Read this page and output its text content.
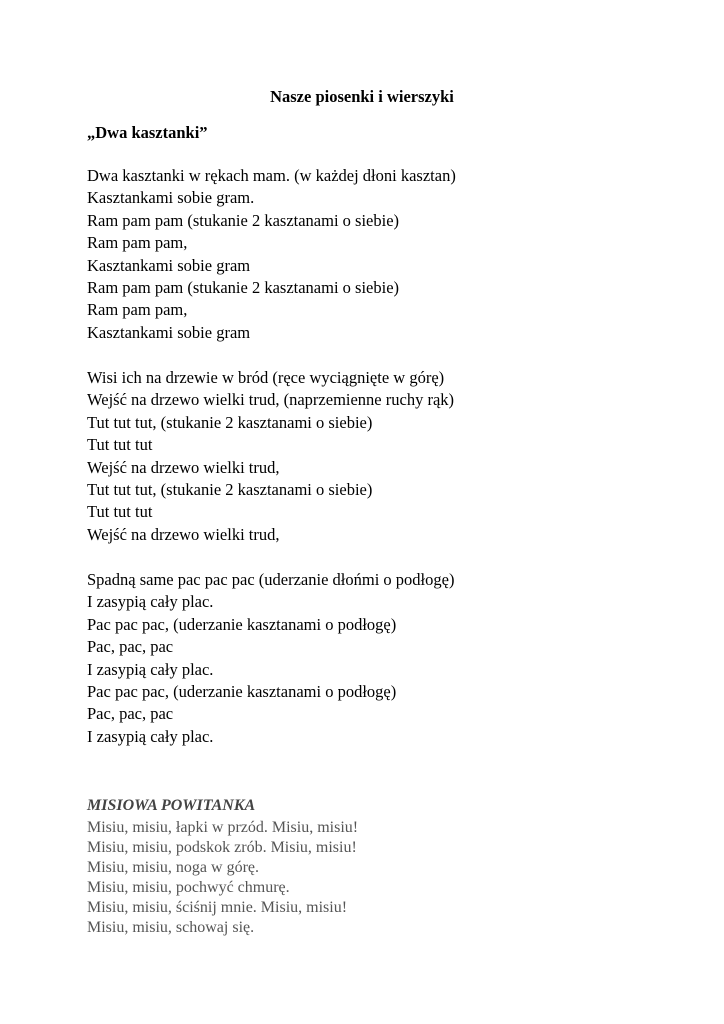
Nasze piosenki i wierszyki
„Dwa kasztanki”
Dwa kasztanki w rękach mam. (w każdej dłoni kasztan)
Kasztankami sobie gram.
Ram pam pam (stukanie 2 kasztanami o siebie)
Ram pam pam,
Kasztankami sobie gram
Ram pam pam (stukanie 2 kasztanami o siebie)
Ram pam pam,
Kasztankami sobie gram
Wisi ich na drzewie w bród (ręce wyciągnięte w górę)
Wejść na drzewo wielki trud, (naprzemienne ruchy rąk)
Tut tut tut, (stukanie 2 kasztanami o siebie)
Tut tut tut
Wejść na drzewo wielki trud,
Tut tut tut, (stukanie 2 kasztanami o siebie)
Tut tut tut
Wejść na drzewo wielki trud,
Spadną same pac pac pac (uderzanie dłońmi o podłogę)
I zasypią cały plac.
Pac pac pac, (uderzanie kasztanami o podłogę)
Pac, pac, pac
I zasypią cały plac.
Pac pac pac, (uderzanie kasztanami o podłogę)
Pac, pac, pac
I zasypią cały plac.
MISIOWA POWITANKA
Misiu, misiu, łapki w przód. Misiu, misiu!
Misiu, misiu, podskok zrób. Misiu, misiu!
Misiu, misiu, noga w górę.
Misiu, misiu, pochwyć chmurę.
Misiu, misiu, ściśnij mnie. Misiu, misiu!
Misiu, misiu, schowaj się.
